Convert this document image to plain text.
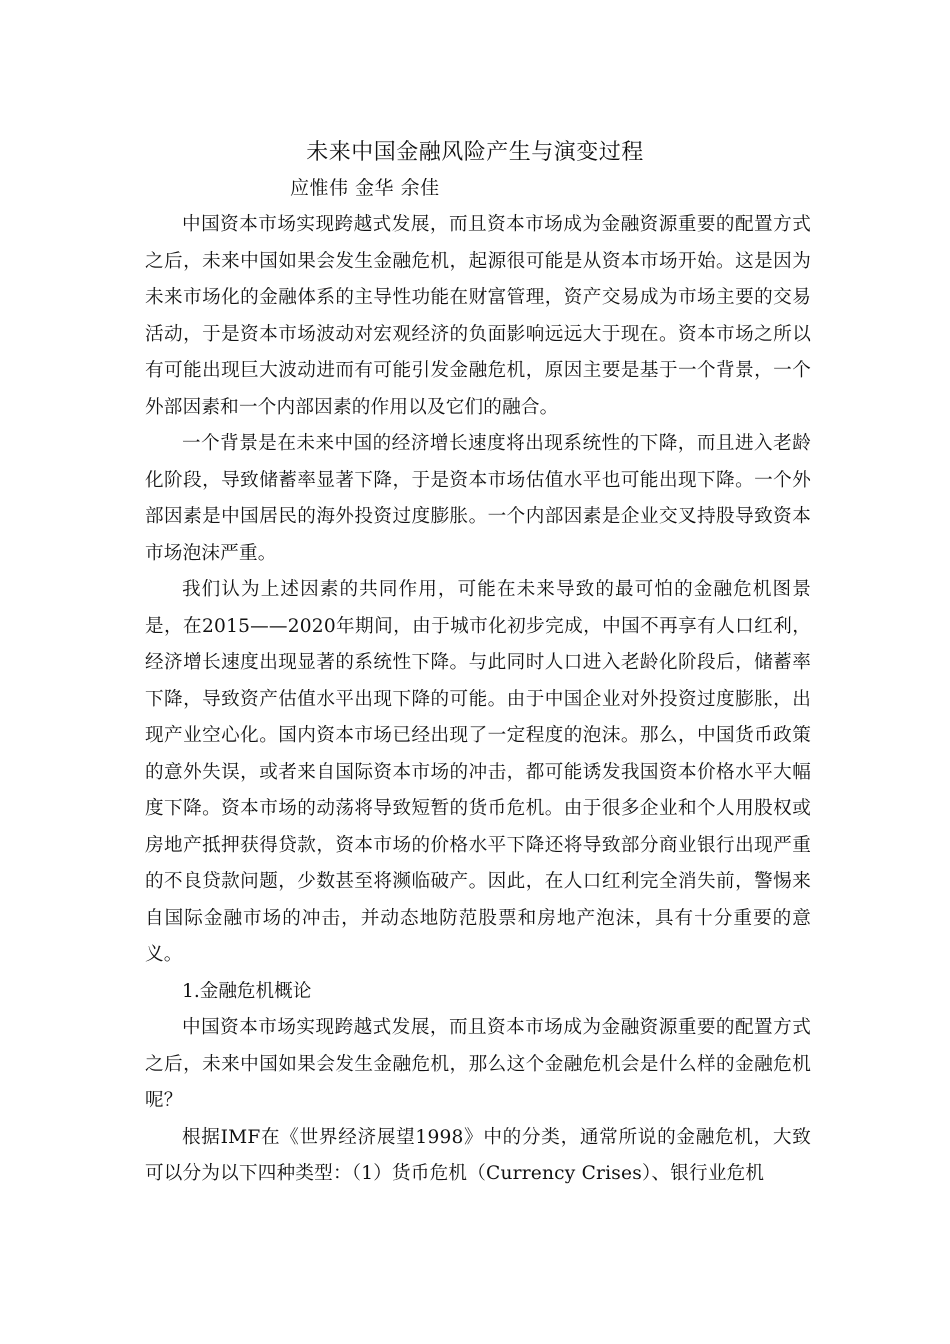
未来中国金融风险产生与演变过程
应惟伟 金华 余佳

中国资本市场实现跨越式发展，而且资本市场成为金融资源重要的配置方式之后，未来中国如果会发生金融危机，起源很可能是从资本市场开始。这是因为未来市场化的金融体系的主导性功能在财富管理，资产交易成为市场主要的交易活动，于是资本市场波动对宏观经济的负面影响远远大于现在。资本市场之所以有可能出现巨大波动进而有可能引发金融危机，原因主要是基于一个背景，一个外部因素和一个内部因素的作用以及它们的融合。

一个背景是在未来中国的经济增长速度将出现系统性的下降，而且进入老龄化阶段，导致储蓄率显著下降，于是资本市场估值水平也可能出现下降。一个外部因素是中国居民的海外投资过度膨胀。一个内部因素是企业交叉持股导致资本市场泡沫严重。

我们认为上述因素的共同作用，可能在未来导致的最可怕的金融危机图景是，在2015——2020年期间，由于城市化初步完成，中国不再享有人口红利，经济增长速度出现显著的系统性下降。与此同时人口进入老龄化阶段后，储蓄率下降，导致资产估值水平出现下降的可能。由于中国企业对外投资过度膨胀，出现产业空心化。国内资本市场已经出现了一定程度的泡沫。那么，中国货币政策的意外失误，或者来自国际资本市场的冲击，都可能诱发我国资本价格水平大幅度下降。资本市场的动荡将导致短暂的货币危机。由于很多企业和个人用股权或房地产抵押获得贷款，资本市场的价格水平下降还将导致部分商业银行出现严重的不良贷款问题，少数甚至将濒临破产。因此，在人口红利完全消失前，警惕来自国际金融市场的冲击，并动态地防范股票和房地产泡沫，具有十分重要的意义。

1.金融危机概论

中国资本市场实现跨越式发展，而且资本市场成为金融资源重要的配置方式之后，未来中国如果会发生金融危机，那么这个金融危机会是什么样的金融危机呢？

根据IMF在《世界经济展望1998》中的分类，通常所说的金融危机，大致可以分为以下四种类型：（1）货币危机（Currency Crises）、银行业危机
